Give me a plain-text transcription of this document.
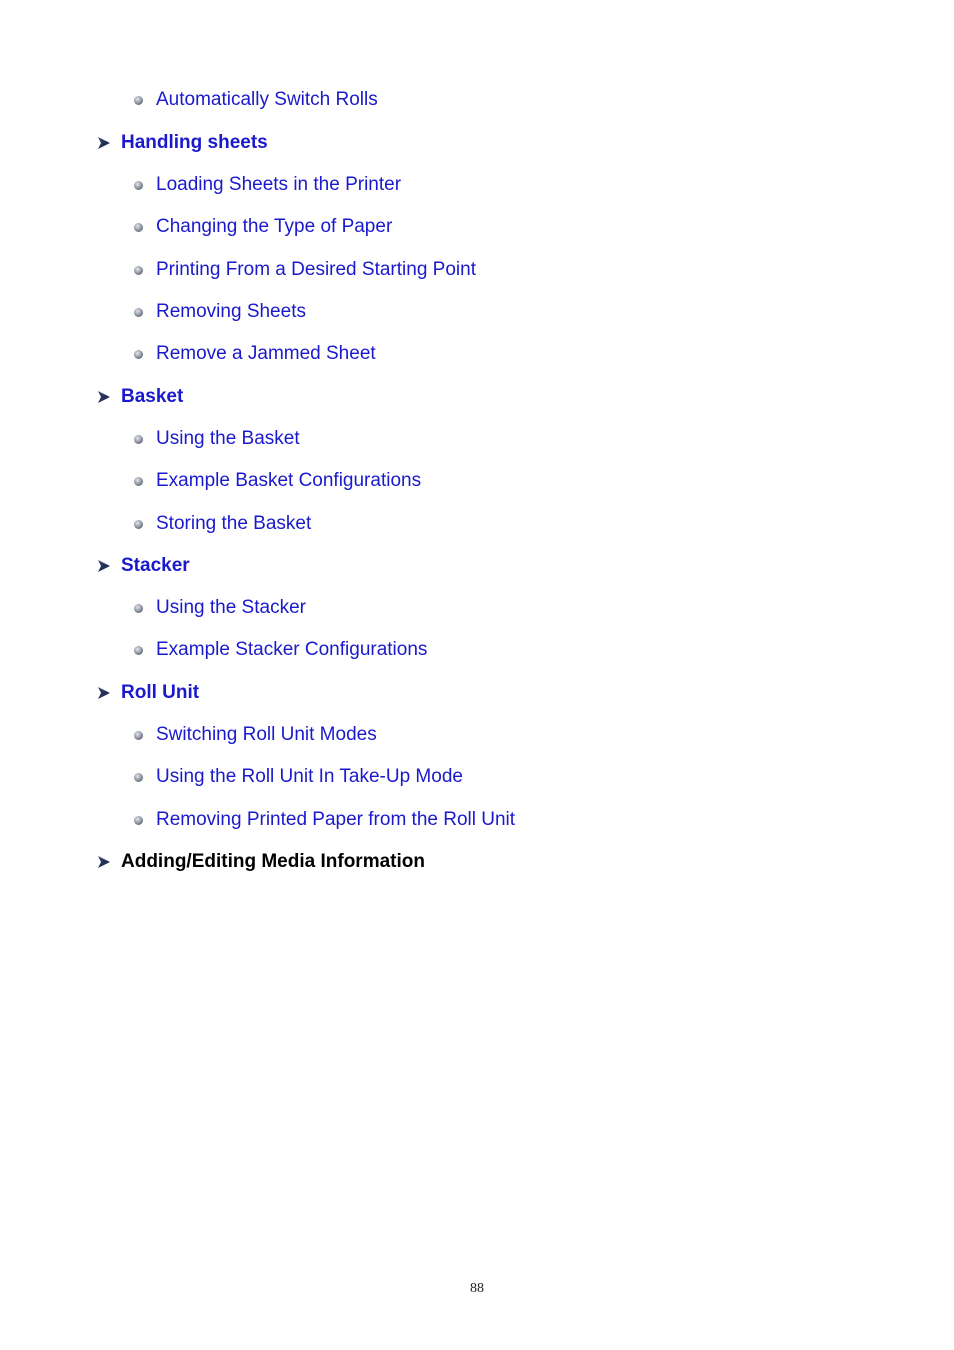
Automatically Switch Rolls
Handling sheets
Loading Sheets in the Printer
Changing the Type of Paper
Printing From a Desired Starting Point
Removing Sheets
Remove a Jammed Sheet
Basket
Using the Basket
Example Basket Configurations
Storing the Basket
Stacker
Using the Stacker
Example Stacker Configurations
Roll Unit
Switching Roll Unit Modes
Using the Roll Unit In Take-Up Mode
Removing Printed Paper from the Roll Unit
Adding/Editing Media Information
88
